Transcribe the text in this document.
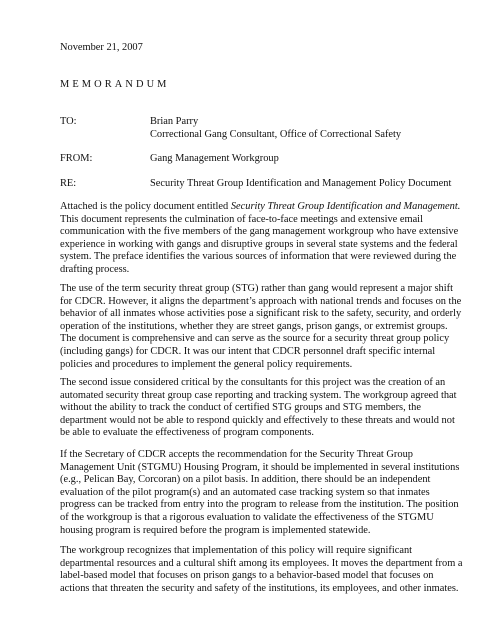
November 21, 2007
MEMORANDUM
TO:	Brian Parry
Correctional Gang Consultant, Office of Correctional Safety
FROM:	Gang Management Workgroup
RE:	Security Threat Group Identification and Management Policy Document
Attached is the policy document entitled Security Threat Group Identification and Management.
This document represents the culmination of face-to-face meetings and extensive email
communication with the five members of the gang management workgroup who have extensive
experience in working with gangs and disruptive groups in several state systems and the federal
system. The preface identifies the various sources of information that were reviewed during the
drafting process.
The use of the term security threat group (STG) rather than gang would represent a major shift
for CDCR. However, it aligns the department’s approach with national trends and focuses on the
behavior of all inmates whose activities pose a significant risk to the safety, security, and orderly
operation of the institutions, whether they are street gangs, prison gangs, or extremist groups.
The document is comprehensive and can serve as the source for a security threat group policy
(including gangs) for CDCR. It was our intent that CDCR personnel draft specific internal
policies and procedures to implement the general policy requirements.
The second issue considered critical by the consultants for this project was the creation of an
automated security threat group case reporting and tracking system. The workgroup agreed that
without the ability to track the conduct of certified STG groups and STG members, the
department would not be able to respond quickly and effectively to these threats and would not
be able to evaluate the effectiveness of program components.
If the Secretary of CDCR accepts the recommendation for the Security Threat Group
Management Unit (STGMU) Housing Program, it should be implemented in several institutions
(e.g., Pelican Bay, Corcoran) on a pilot basis. In addition, there should be an independent
evaluation of the pilot program(s) and an automated case tracking system so that inmates
progress can be tracked from entry into the program to release from the institution. The position
of the workgroup is that a rigorous evaluation to validate the effectiveness of the STGMU
housing program is required before the program is implemented statewide.
The workgroup recognizes that implementation of this policy will require significant
departmental resources and a cultural shift among its employees. It moves the department from a
label-based model that focuses on prison gangs to a behavior-based model that focuses on
actions that threaten the security and safety of the institutions, its employees, and other inmates.
